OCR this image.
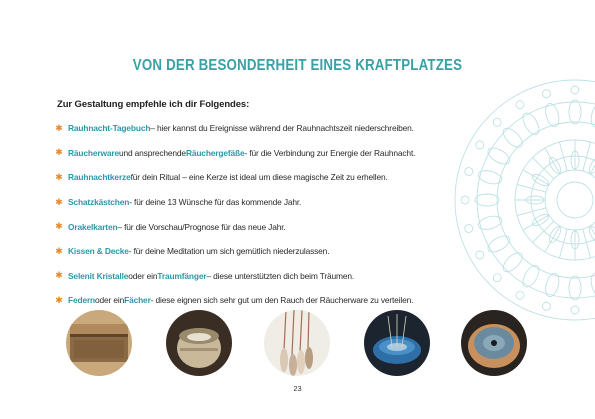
VON DER BESONDERHEIT EINES KRAFTPLATZES
Zur Gestaltung empfehle ich dir Folgendes:
✱ Rauhnacht-Tagebuch – hier kannst du Ereignisse während der Rauhnachtszeit niederschreiben.
✱ Räucherware und ansprechende Räuchergefäße - für die Verbindung zur Energie der Rauhnacht.
✱ Rauhnachtkerze für dein Ritual – eine Kerze ist ideal um diese magische Zeit zu erhellen.
✱ Schatzkästchen - für deine 13 Wünsche für das kommende Jahr.
✱ Orakelkarten – für die Vorschau/Prognose für das neue Jahr.
✱ Kissen & Decke - für deine Meditation um sich gemütlich niederzulassen.
✱ Selenit Kristalle oder ein Traumfänger – diese unterstützten dich beim Träumen.
✱ Federn oder ein Fächer - diese eignen sich sehr gut um den Rauch der Räucherware zu verteilen.
23
